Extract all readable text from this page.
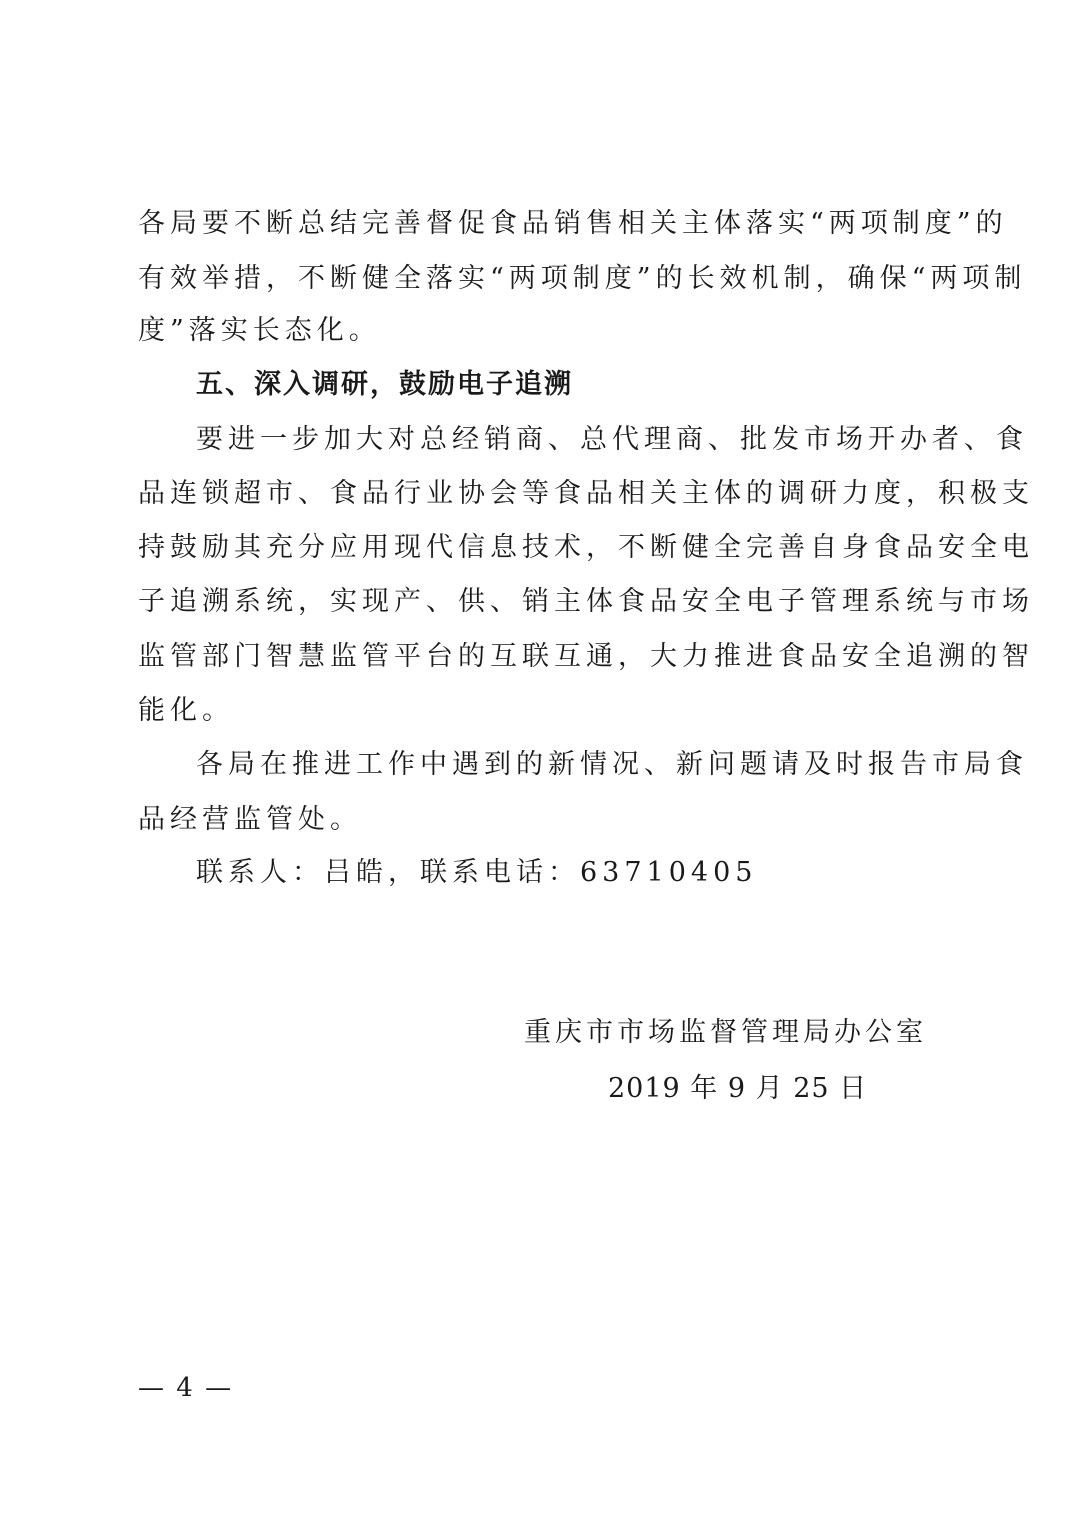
各局要不断总结完善督促食品销售相关主体落实“两项制度”的
有效举措，不断健全落实“两项制度”的长效机制，确保“两项制
度”落实长态化。
五、深入调研，鼓励电子追溯
要进一步加大对总经销商、总代理商、批发市场开办者、食
品连锁超市、食品行业协会等食品相关主体的调研力度，积极支
持鼓励其充分应用现代信息技术，不断健全完善自身食品安全电
子追溯系统，实现产、供、销主体食品安全电子管理系统与市场
监管部门智慧监管平台的互联互通，大力推进食品安全追溯的智
能化。
各局在推进工作中遇到的新情况、新问题请及时报告市局食
品经营监管处。
联系人：吕皓，联系电话：63710405
重庆市市场监督管理局办公室
2019 年 9 月 25 日
— 4 —
